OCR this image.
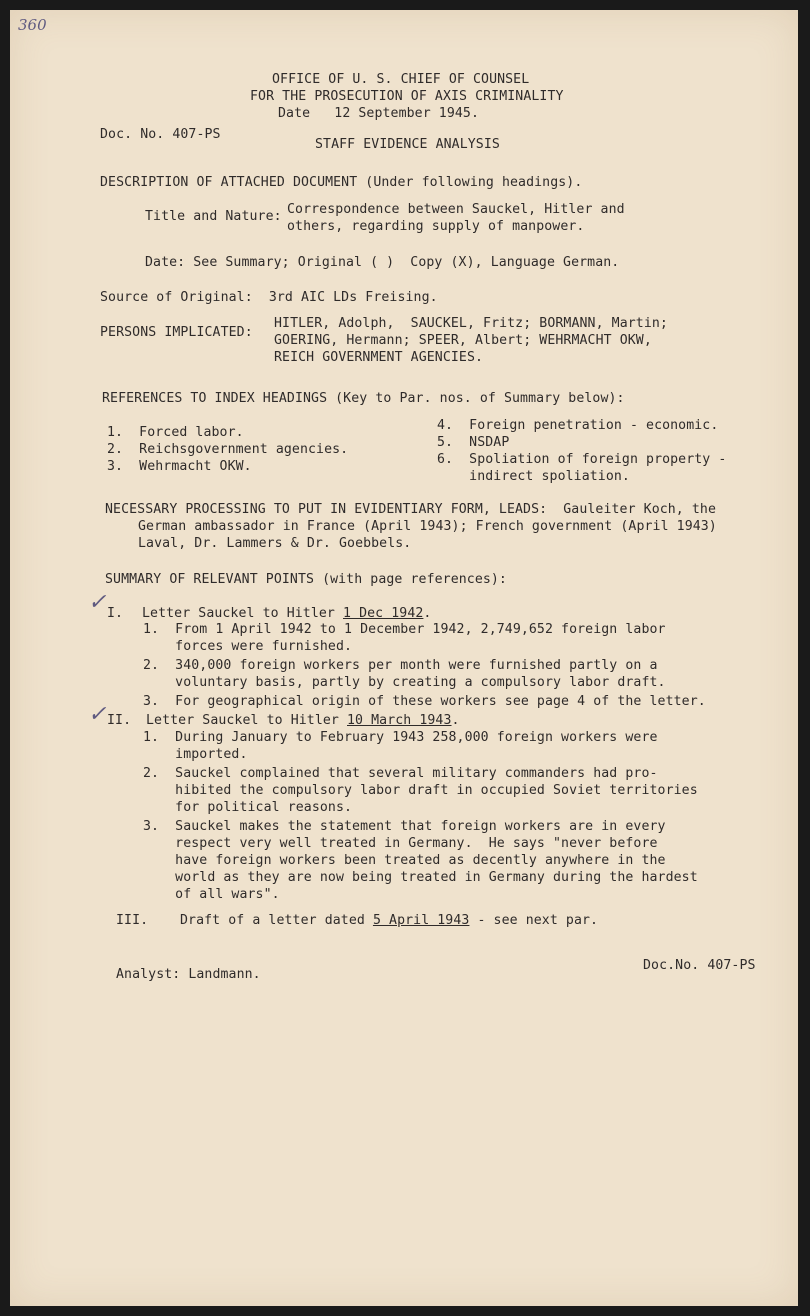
360
OFFICE OF U. S. CHIEF OF COUNSEL
FOR THE PROSECUTION OF AXIS CRIMINALITY
Date   12 September 1945.
Doc. No. 407-PS
STAFF EVIDENCE ANALYSIS
DESCRIPTION OF ATTACHED DOCUMENT (Under following headings).
Title and Nature: Correspondence between Sauckel, Hitler and
others, regarding supply of manpower.
Date: See Summary; Original ( )  Copy (X), Language German.
Source of Original:  3rd AIC LDs Freising.
PERSONS IMPLICATED:
HITLER, Adolph,  SAUCKEL, Fritz; BORMANN, Martin;
GOERING, Hermann; SPEER, Albert; WEHRMACHT OKW,
REICH GOVERNMENT AGENCIES.
REFERENCES TO INDEX HEADINGS (Key to Par. nos. of Summary below):
1.  Forced labor.
2.  Reichsgovernment agencies.
3.  Wehrmacht OKW.
4.  Foreign penetration - economic.
5.  NSDAP
6.  Spoliation of foreign property -
indirect spoliation.
NECESSARY PROCESSING TO PUT IN EVIDENTIARY FORM, LEADS:  Gauleiter Koch, the
German ambassador in France (April 1943); French government (April 1943)
Laval, Dr. Lammers & Dr. Goebbels.
SUMMARY OF RELEVANT POINTS (with page references):
✓ I. Letter Sauckel to Hitler 1 Dec 1942.
1.  From 1 April 1942 to 1 December 1942, 2,749,652 foreign labor
forces were furnished.
2.  340,000 foreign workers per month were furnished partly on a
voluntary basis, partly by creating a compulsory labor draft.
3.  For geographical origin of these workers see page 4 of the letter.
✓ II. Letter Sauckel to Hitler 10 March 1943.
1.  During January to February 1943 258,000 foreign workers were
imported.
2.  Sauckel complained that several military commanders had pro-
hibited the compulsory labor draft in occupied Soviet territories
for political reasons.
3.  Sauckel makes the statement that foreign workers are in every
respect very well treated in Germany.  He says "never before
have foreign workers been treated as decently anywhere in the
world as they are now being treated in Germany during the hardest
of all wars".
III. Draft of a letter dated 5 April 1943 - see next par.
Analyst: Landmann.
Doc.No. 407-PS
